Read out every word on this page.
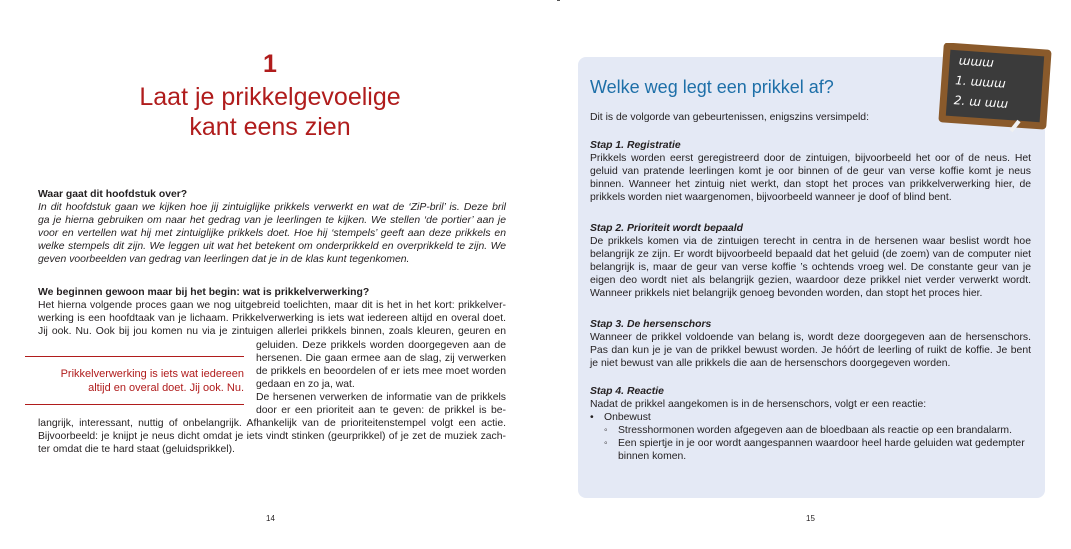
1
Laat je prikkelgevoelige
kant eens zien
Waar gaat dit hoofdstuk over?
In dit hoofdstuk gaan we kijken hoe jij zintuiglijke prikkels verwerkt en wat de ‘ZiP-bril’ is. Deze bril
ga je hierna gebruiken om naar het gedrag van je leerlingen te kijken. We stellen ‘de portier’ aan je
voor en vertellen wat hij met zintuiglijke prikkels doet. Hoe hij ‘stempels’ geeft aan deze prikkels en
welke stempels dit zijn. We leggen uit wat het betekent om onderprikkeld en overprikkeld te zijn. We
geven voorbeelden van gedrag van leerlingen dat je in de klas kunt tegenkomen.
We beginnen gewoon maar bij het begin: wat is prikkelverwerking?
Het hierna volgende proces gaan we nog uitgebreid toelichten, maar dit is het in het kort: prikkelver-
werking is een hoofdtaak van je lichaam. Prikkelverwerking is iets wat iedereen altijd en overal doet.
Jij ook. Nu. Ook bij jou komen nu via je zintuigen allerlei prikkels binnen, zoals kleuren, geuren en
geluiden. Deze prikkels worden doorgegeven aan de
hersenen. Die gaan ermee aan de slag, zij verwerken
de prikkels en beoordelen of er iets mee moet worden
gedaan en zo ja, wat.
De hersenen verwerken de informatie van de prikkels
door er een prioriteit aan te geven: de prikkel is be-
langrijk, interessant, nuttig of onbelangrijk. Afhankelijk van de prioriteitenstempel volgt een actie.
Bijvoorbeeld: je knijpt je neus dicht omdat je iets vindt stinken (geurprikkel) of je zet de muziek zach-
ter omdat die te hard staat (geluidsprikkel).
Prikkelverwerking is iets wat iedereen
altijd en overal doet. Jij ook. Nu.
14
ɯɯɯ
1. ɯɯɯ
2. ɯ ɯɯ
Welke weg legt een prikkel af?
Dit is de volgorde van gebeurtenissen, enigszins versimpeld:
Stap 1. Registratie
Prikkels worden eerst geregistreerd door de zintuigen, bijvoorbeeld het oor of de neus. Het
geluid van pratende leerlingen komt je oor binnen of de geur van verse koffie komt je neus
binnen. Wanneer het zintuig niet werkt, dan stopt het proces van prikkelverwerking hier, de
prikkels worden niet waargenomen, bijvoorbeeld wanneer je doof of blind bent.
Stap 2. Prioriteit wordt bepaald
De prikkels komen via de zintuigen terecht in centra in de hersenen waar beslist wordt hoe
belangrijk ze zijn. Er wordt bijvoorbeeld bepaald dat het geluid (de zoem) van de computer niet
belangrijk is, maar de geur van verse koffie ’s ochtends vroeg wel. De constante geur van je
eigen deo wordt niet als belangrijk gezien, waardoor deze prikkel niet verder verwerkt wordt.
Wanneer prikkels niet belangrijk genoeg bevonden worden, dan stopt het proces hier.
Stap 3. De hersenschors
Wanneer de prikkel voldoende van belang is, wordt deze doorgegeven aan de hersenschors.
Pas dan kun je je van de prikkel bewust worden. Je hóórt de leerling of ruikt de koffie. Je bent
je niet bewust van alle prikkels die aan de hersenschors doorgegeven worden.
Stap 4. Reactie
Nadat de prikkel aangekomen is in de hersenschors, volgt er een reactie:
• Onbewust
◦ Stresshormonen worden afgegeven aan de bloedbaan als reactie op een brandalarm.
◦ Een spiertje in je oor wordt aangespannen waardoor heel harde geluiden wat gedempter
binnen komen.
15
